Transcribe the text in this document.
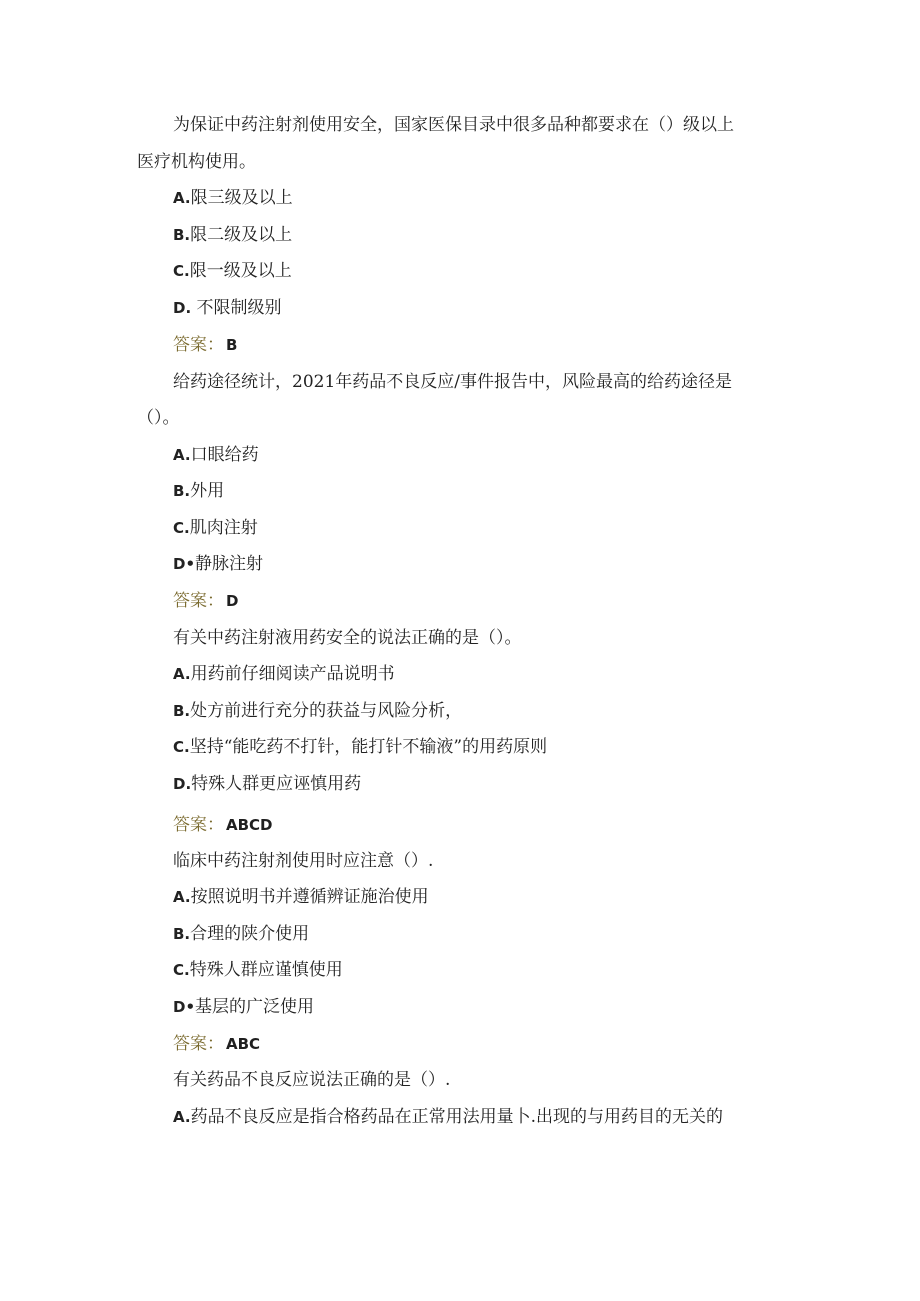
为保证中药注射剂使用安全，国家医保目录中很多品种都要求在（）级以上
医疗机构使用。
A.限三级及以上
B.限二级及以上
C.限一级及以上
D. 不限制级别
答案： B
给药途径统计，2021年药品不良反应/事件报告中，风险最高的给药途径是
（）。
A.口眼给药
B.外用
C.肌肉注射
D•静脉注射
答案： D
有关中药注射液用药安全的说法正确的是（）。
A.用药前仔细阅读产品说明书
B.处方前进行充分的获益与风险分析，
C.坚持“能吃药不打针，能打针不输液”的用药原则
D.特殊人群更应诬慎用药
答案： ABCD
临床中药注射剂使用时应注意（）.
A.按照说明书并遵循辨证施治使用
B.合理的陕介使用
C.特殊人群应谨慎使用
D•基层的广泛使用
答案： ABC
有关药品不良反应说法正确的是（）.
A.药品不良反应是指合格药品在正常用法用量卜.出现的与用药目的无关的
